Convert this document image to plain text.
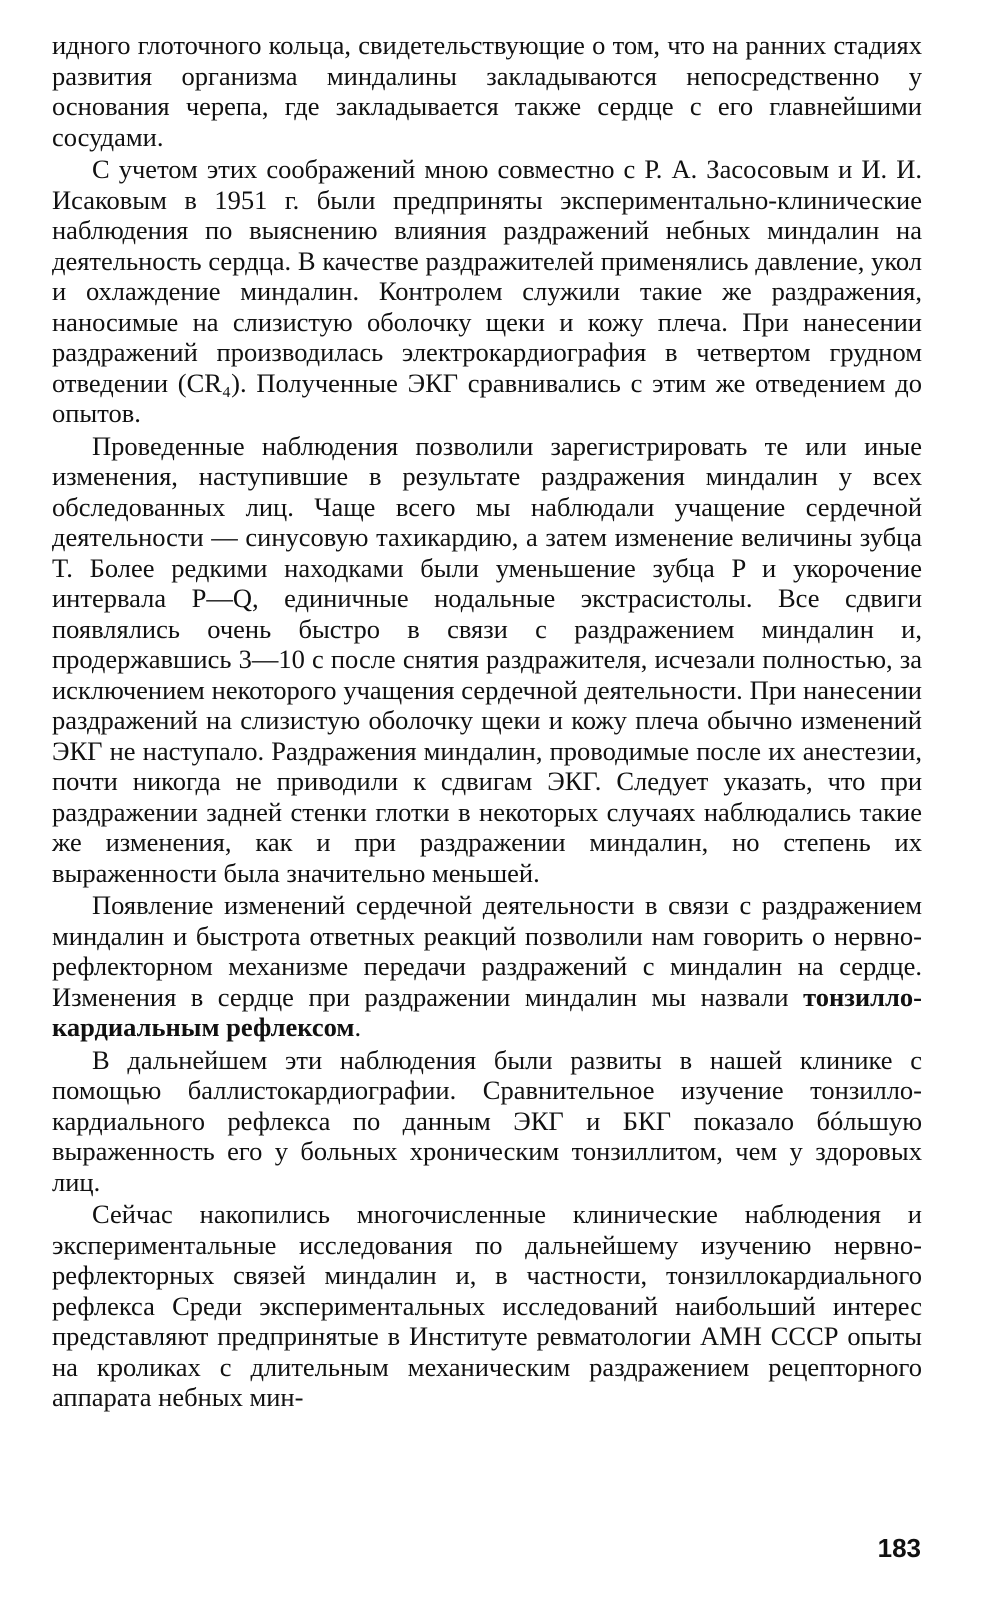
идного глоточного кольца, свидетельствующие о том, что на ранних стадиях развития организма миндалины закладываются непосредственно у основания черепа, где закладывается также сердце с его главнейшими сосудами.

С учетом этих соображений мною совместно с Р. А. Засосовым и И. И. Исаковым в 1951 г. были предприняты экспериментально-клинические наблюдения по выяснению влияния раздражений небных миндалин на деятельность сердца. В качестве раздражителей применялись давление, укол и охлаждение миндалин. Контролем служили такие же раздражения, наносимые на слизистую оболочку щеки и кожу плеча. При нанесении раздражений производилась электрокардиография в четвертом грудном отведении (CR₄). Полученные ЭКГ сравнивались с этим же отведением до опытов.

Проведенные наблюдения позволили зарегистрировать те или иные изменения, наступившие в результате раздражения миндалин у всех обследованных лиц. Чаще всего мы наблюдали учащение сердечной деятельности — синусовую тахикардию, а затем изменение величины зубца T. Более редкими находками были уменьшение зубца P и укорочение интервала P—Q, единичные нодальные экстрасистолы. Все сдвиги появлялись очень быстро в связи с раздражением миндалин и, продержавшись 3—10 с после снятия раздражителя, исчезали полностью, за исключением некоторого учащения сердечной деятельности. При нанесении раздражений на слизистую оболочку щеки и кожу плеча обычно изменений ЭКГ не наступало. Раздражения миндалин, проводимые после их анестезии, почти никогда не приводили к сдвигам ЭКГ. Следует указать, что при раздражении задней стенки глотки в некоторых случаях наблюдались такие же изменения, как и при раздражении миндалин, но степень их выраженности была значительно меньшей.

Появление изменений сердечной деятельности в связи с раздражением миндалин и быстрота ответных реакций позволили нам говорить о нервно-рефлекторном механизме передачи раздражений с миндалин на сердце. Изменения в сердце при раздражении миндалин мы назвали тонзилло-кардиальным рефлексом.

В дальнейшем эти наблюдения были развиты в нашей клинике с помощью баллистокардиографии. Сравнительное изучение тонзилло-кардиального рефлекса по данным ЭКГ и БКГ показало бóльшую выраженность его у больных хроническим тонзиллитом, чем у здоровых лиц.

Сейчас накопились многочисленные клинические наблюдения и экспериментальные исследования по дальнейшему изучению нервно-рефлекторных связей миндалин и, в частности, тонзиллокардиального рефлекса Среди экспериментальных исследований наибольший интерес представляют предпринятые в Институте ревматологии АМН СССР опыты на кроликах с длительным механическим раздражением рецепторного аппарата небных мин-

183
